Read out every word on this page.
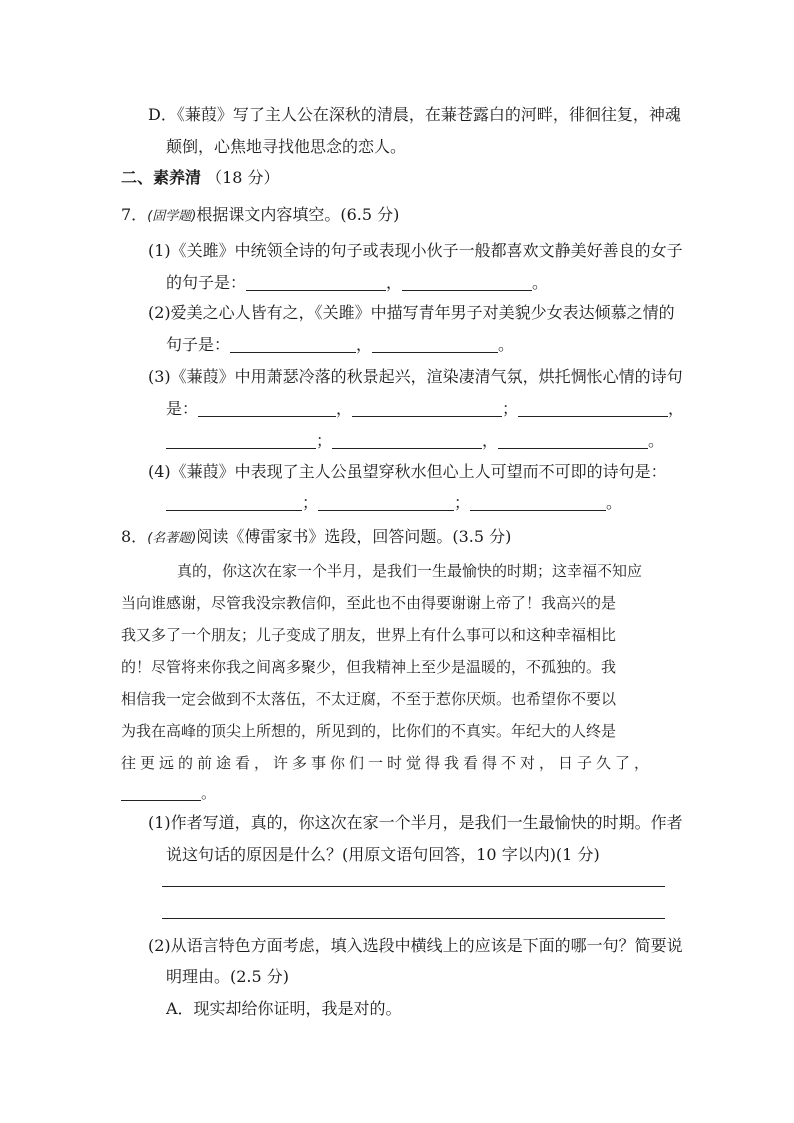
D．《蒹葭》写了主人公在深秋的清晨，在蒹苍露白的河畔，徘徊往复，神魂
颠倒，心焦地寻找他思念的恋人。
二、素养清 （18 分）
7．(固学题)根据课文内容填空。(6.5 分)
(1)《关雎》中统领全诗的句子或表现小伙子一般都喜欢文静美好善良的女子
的句子是：	，	。
(2)爱美之心人皆有之，《关雎》中描写青年男子对美貌少女表达倾慕之情的
句子是：	，	。
(3)《蒹葭》中用萧瑟冷落的秋景起兴，渲染凄清气氛，烘托惆怅心情的诗句
是：	，	；	，
；	，	。
(4)《蒹葭》中表现了主人公虽望穿秋水但心上人可望而不可即的诗句是：
；	；	。
8．(名著题)阅读《傅雷家书》选段，回答问题。(3.5 分)
真的，你这次在家一个半月，是我们一生最愉快的时期；这幸福不知应
当向谁感谢，尽管我没宗教信仰，至此也不由得要谢谢上帝了！我高兴的是
我又多了一个朋友；儿子变成了朋友，世界上有什么事可以和这种幸福相比
的！尽管将来你我之间离多聚少，但我精神上至少是温暖的，不孤独的。我
相信我一定会做到不太落伍，不太迂腐，不至于惹你厌烦。也希望你不要以
为我在高峰的顶尖上所想的，所见到的，比你们的不真实。年纪大的人终是
往更远的前途看，许多事你们一时觉得我看得不对，日子久了，
。
(1)作者写道，真的，你这次在家一个半月，是我们一生最愉快的时期。作者
说这句话的原因是什么？(用原文语句回答，10 字以内)(1 分)
(2)从语言特色方面考虑，填入选段中横线上的应该是下面的哪一句？简要说
明理由。(2.5 分)
A．现实却给你证明，我是对的。
